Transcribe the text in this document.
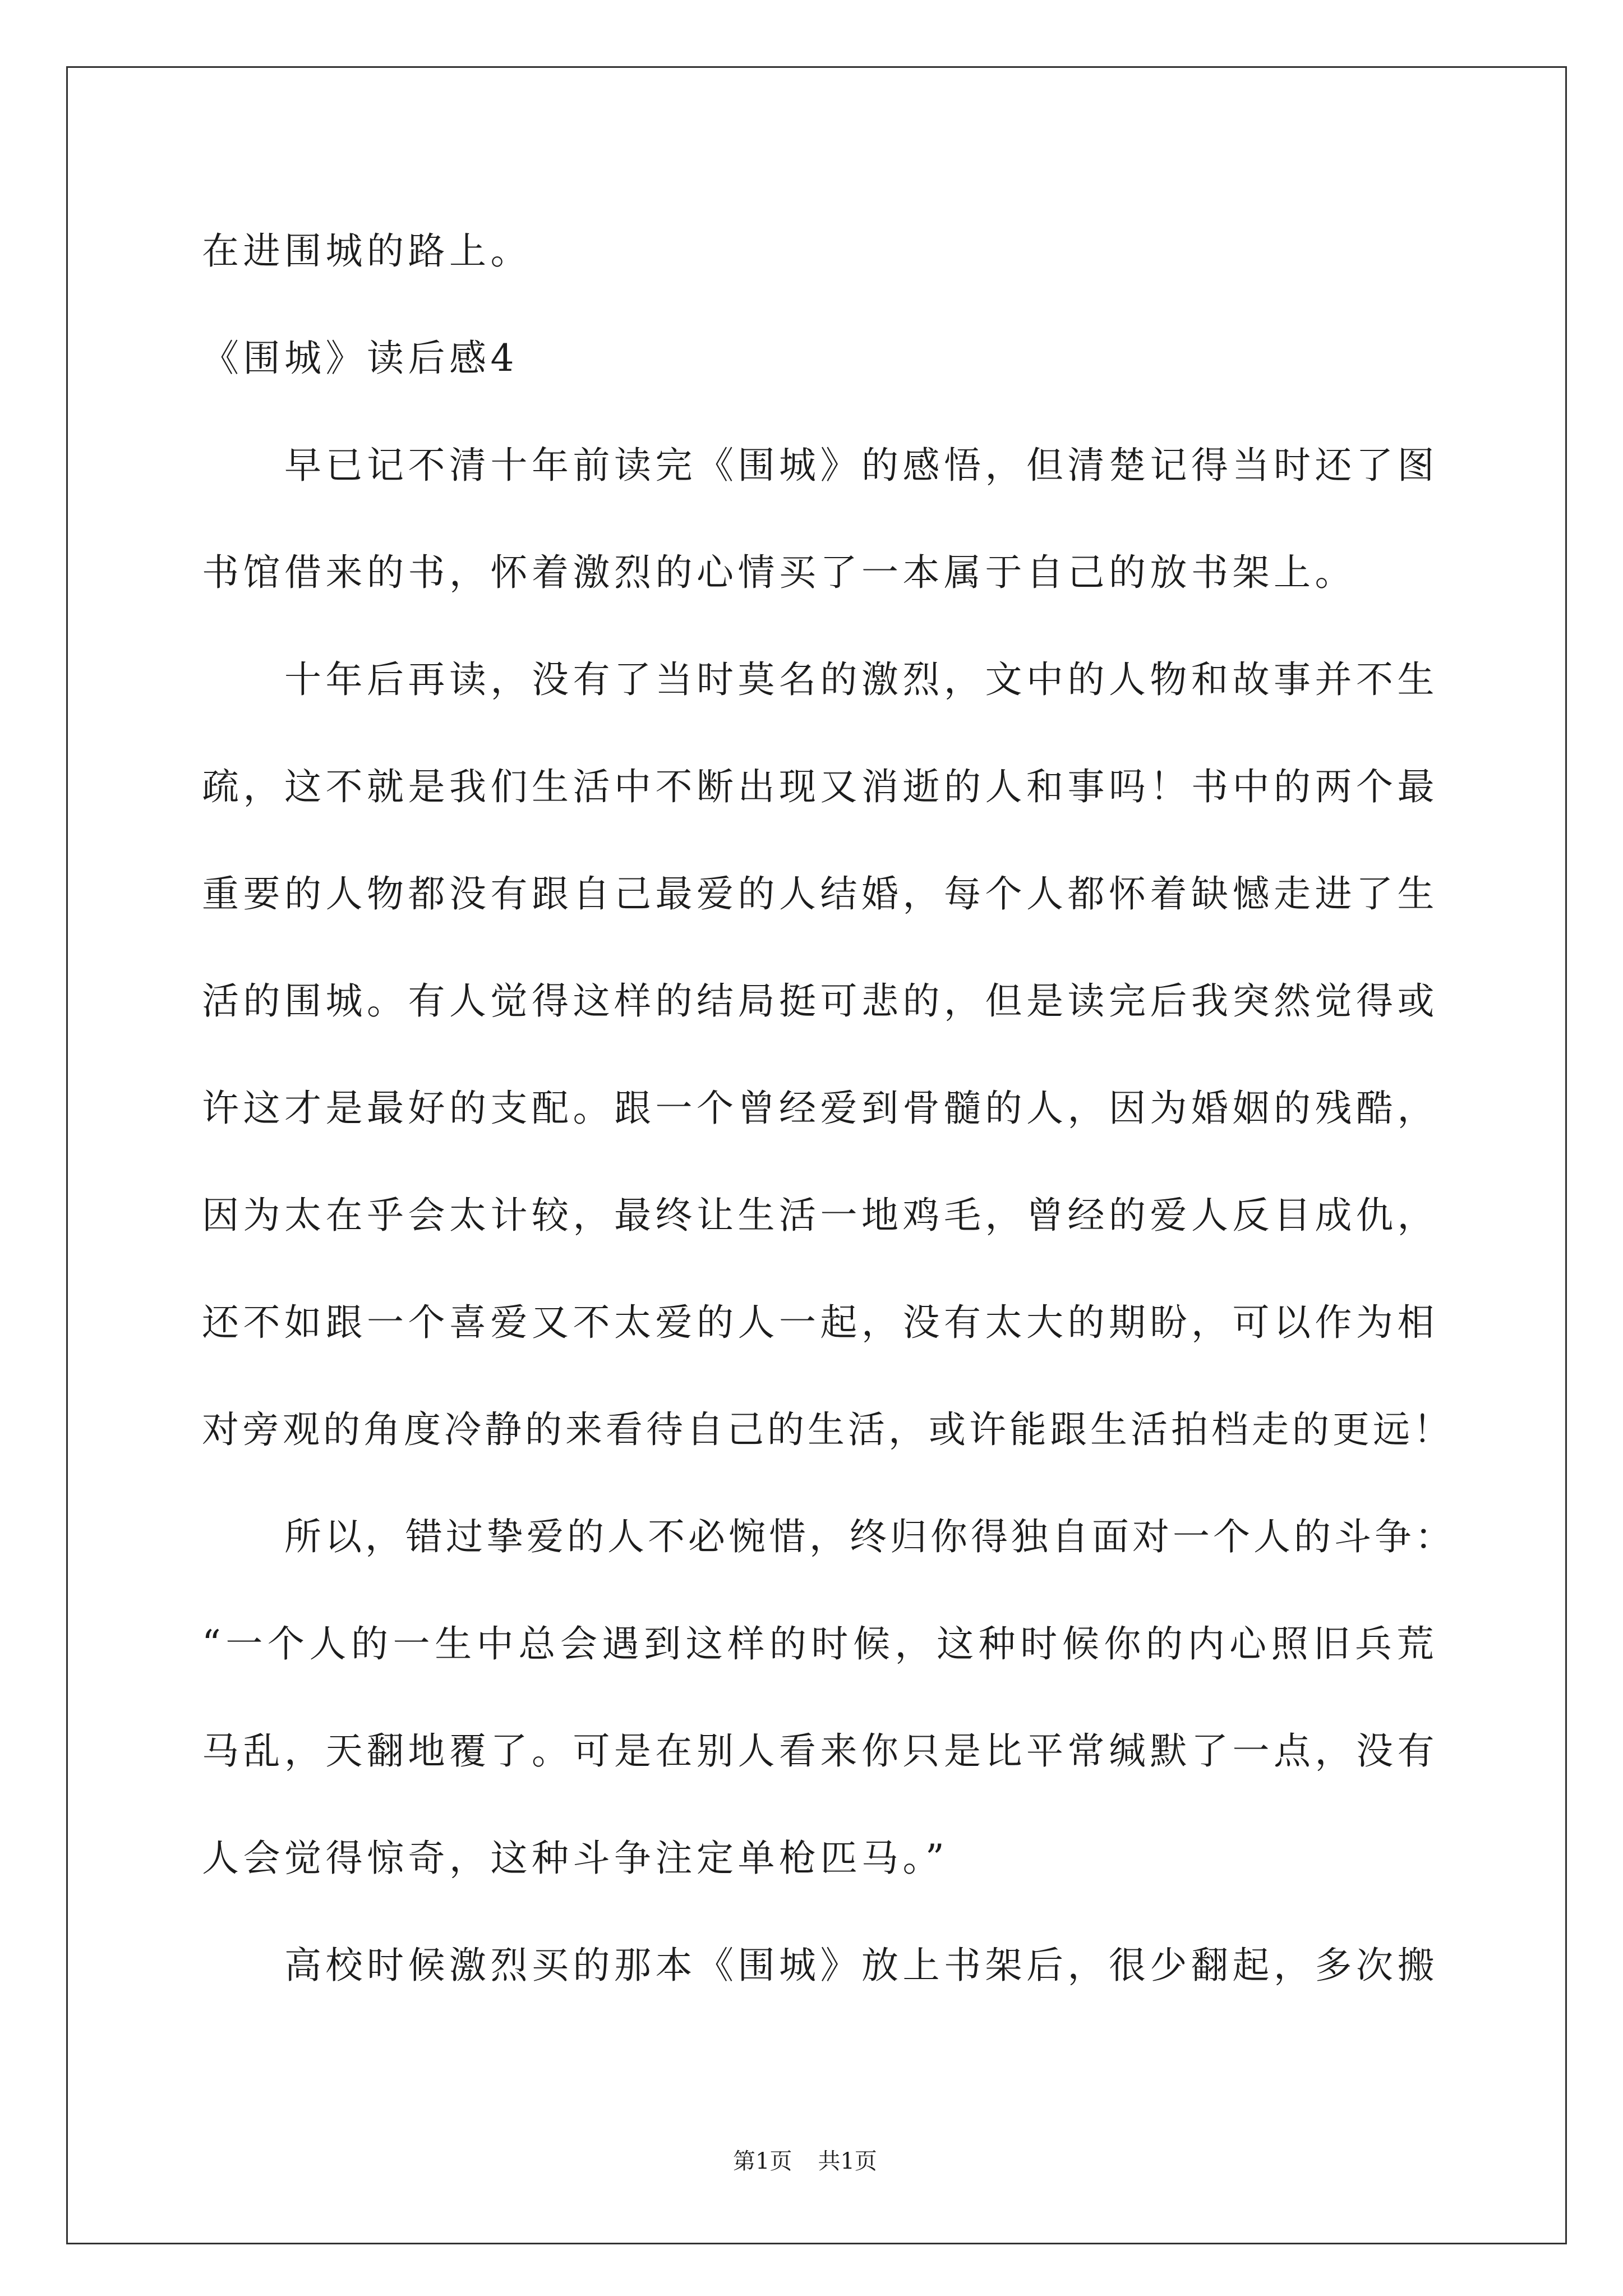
在进围城的路上。
《围城》读后感4
早已记不清十年前读完《围城》的感悟，但清楚记得当时还了图
书馆借来的书，怀着激烈的心情买了一本属于自己的放书架上。
十年后再读，没有了当时莫名的激烈，文中的人物和故事并不生
疏，这不就是我们生活中不断出现又消逝的人和事吗！书中的两个最
重要的人物都没有跟自己最爱的人结婚，每个人都怀着缺憾走进了生
活的围城。有人觉得这样的结局挺可悲的，但是读完后我突然觉得或
许这才是最好的支配。跟一个曾经爱到骨髓的人，因为婚姻的残酷，
因为太在乎会太计较，最终让生活一地鸡毛，曾经的爱人反目成仇，
还不如跟一个喜爱又不太爱的人一起，没有太大的期盼，可以作为相
对旁观的角度冷静的来看待自己的生活，或许能跟生活拍档走的更远！
所以，错过挚爱的人不必惋惜，终归你得独自面对一个人的斗争：
“一个人的一生中总会遇到这样的时候，这种时候你的内心照旧兵荒
马乱，天翻地覆了。可是在别人看来你只是比平常缄默了一点，没有
人会觉得惊奇，这种斗争注定单枪匹马。”
高校时候激烈买的那本《围城》放上书架后，很少翻起，多次搬
第1页 共1页
